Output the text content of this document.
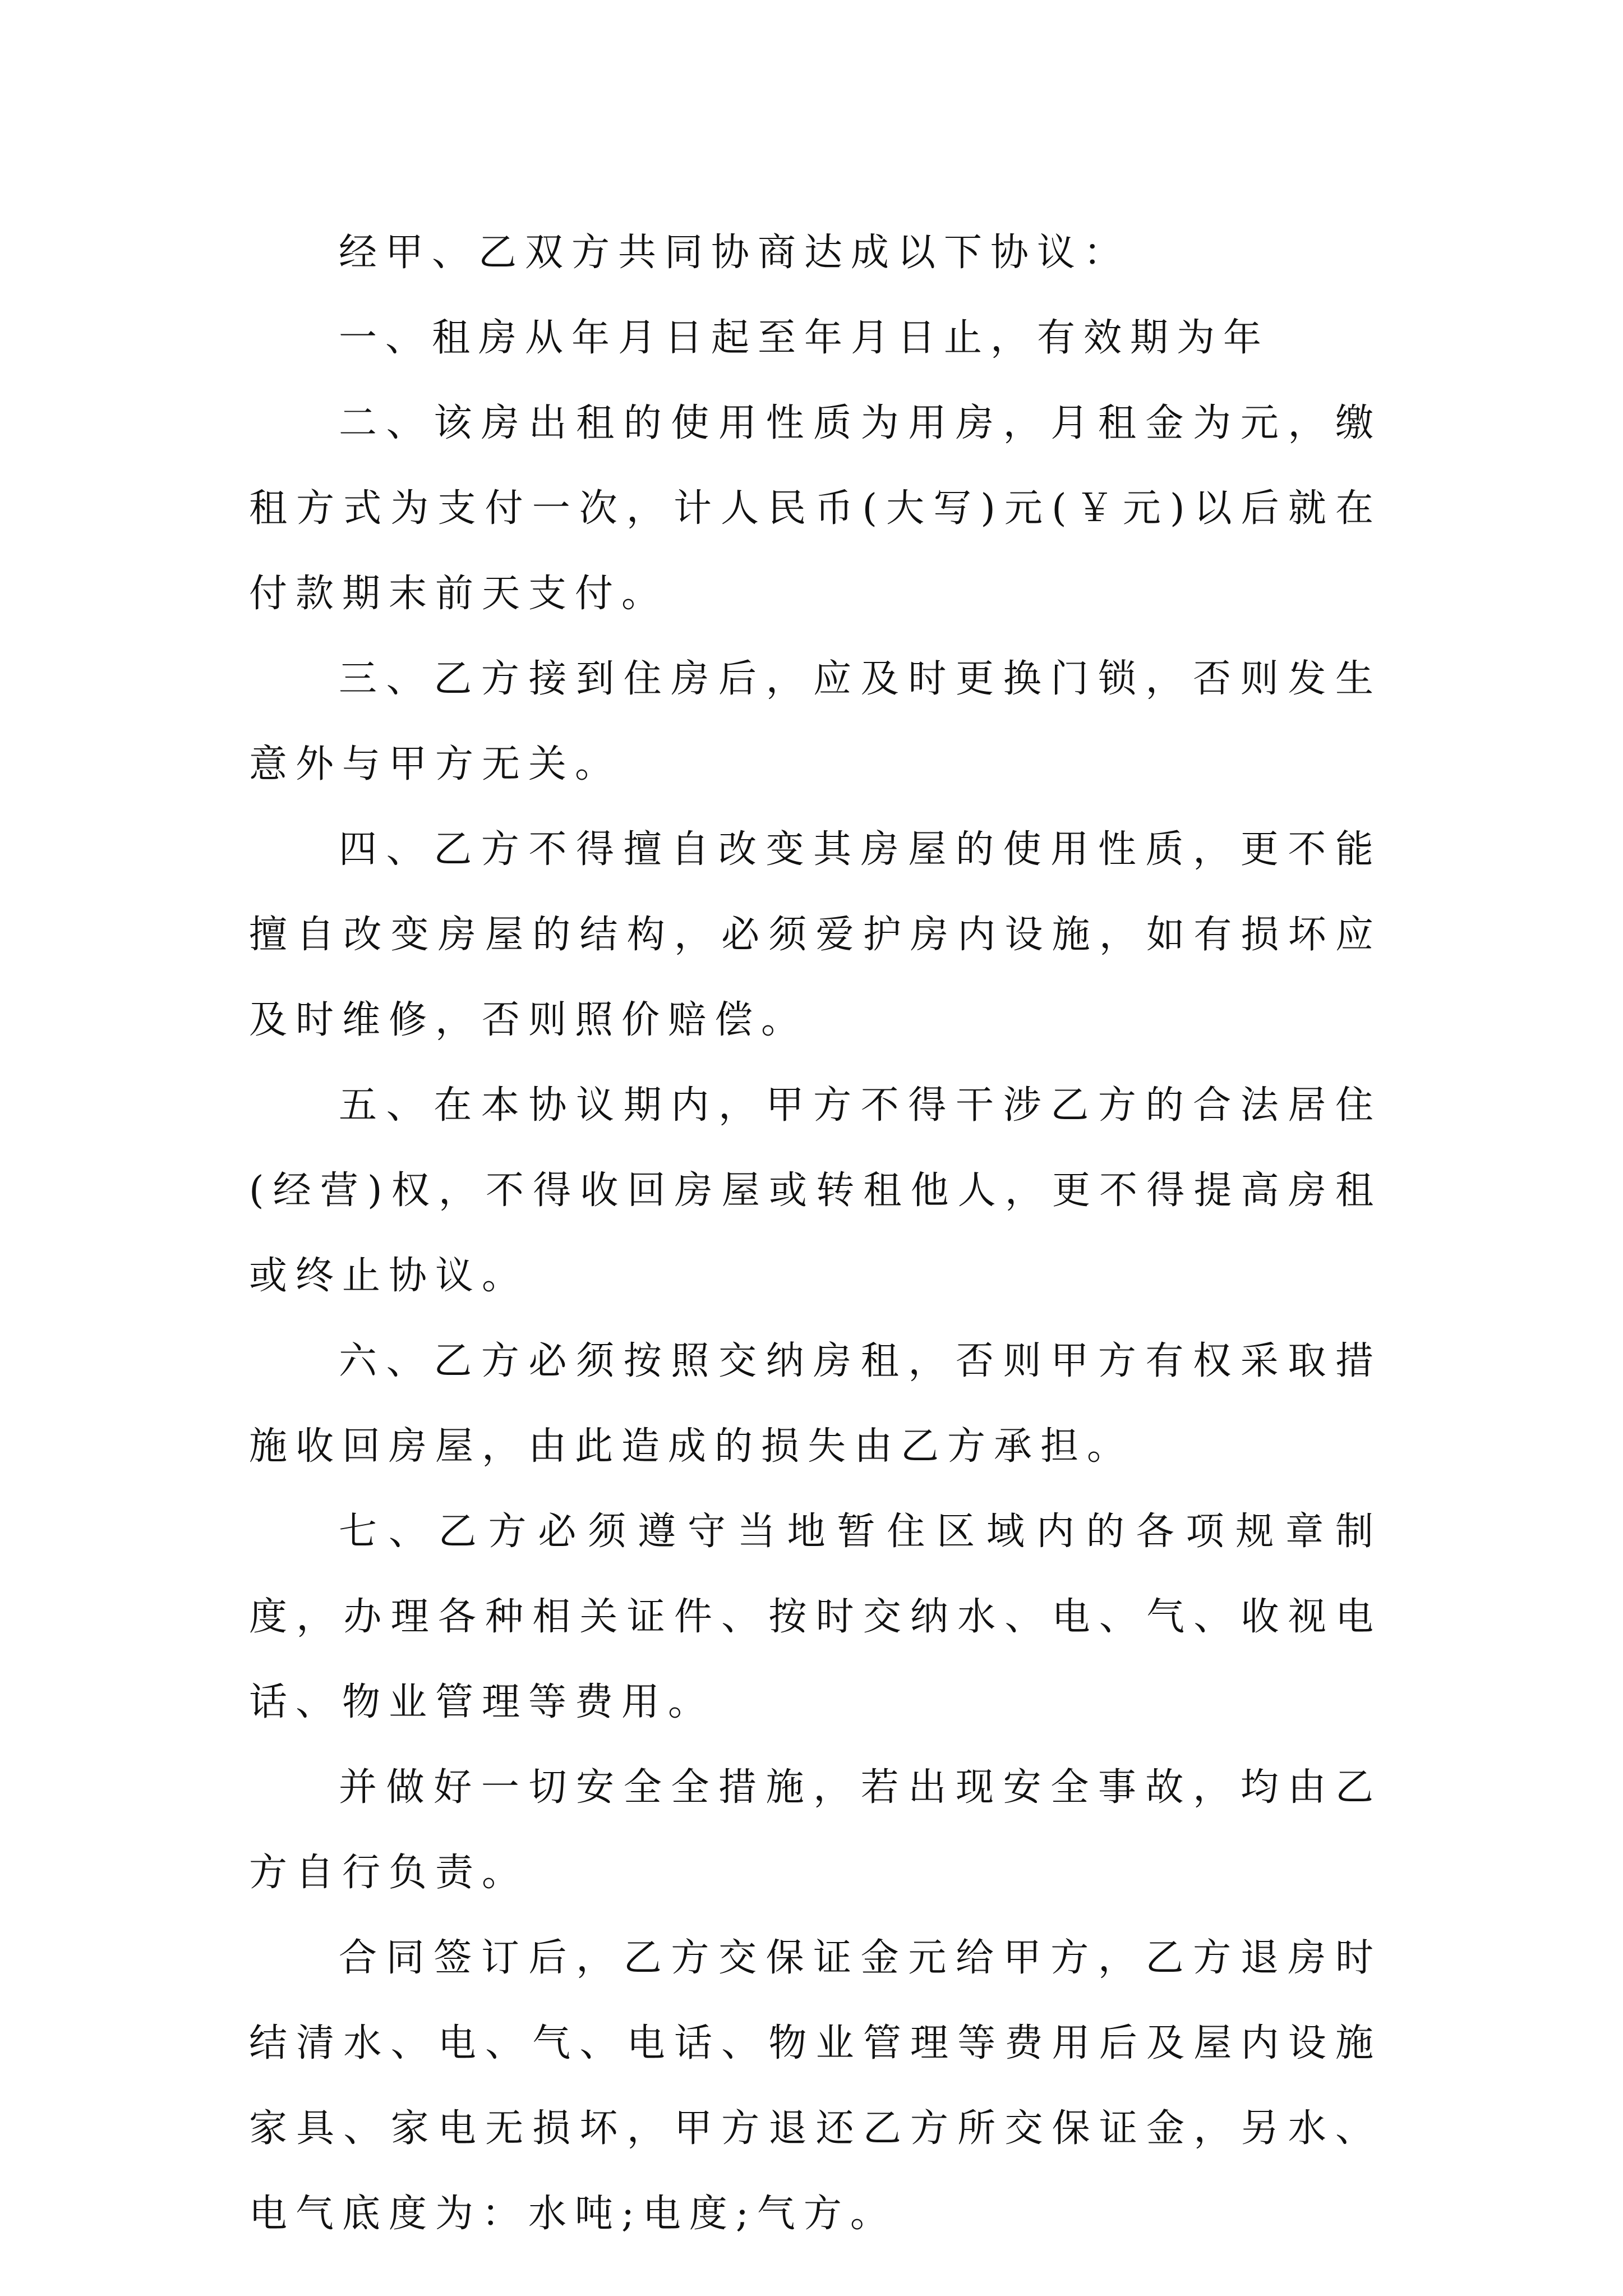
经甲、乙双方共同协商达成以下协议：

一、租房从年月日起至年月日止，有效期为年

二、该房出租的使用性质为用房，月租金为元，缴租方式为支付一次，计人民币(大写)元(￥元)以后就在付款期末前天支付。

三、乙方接到住房后，应及时更换门锁，否则发生意外与甲方无关。

四、乙方不得擅自改变其房屋的使用性质，更不能擅自改变房屋的结构，必须爱护房内设施，如有损坏应及时维修，否则照价赔偿。

五、在本协议期内，甲方不得干涉乙方的合法居住(经营)权，不得收回房屋或转租他人，更不得提高房租或终止协议。

六、乙方必须按照交纳房租，否则甲方有权采取措施收回房屋，由此造成的损失由乙方承担。

七、乙方必须遵守当地暂住区域内的各项规章制度，办理各种相关证件、按时交纳水、电、气、收视电话、物业管理等费用。

并做好一切安全全措施，若出现安全事故，均由乙方自行负责。

合同签订后，乙方交保证金元给甲方，乙方退房时结清水、电、气、电话、物业管理等费用后及屋内设施家具、家电无损坏，甲方退还乙方所交保证金，另水、电气底度为：水吨;电度;气方。
